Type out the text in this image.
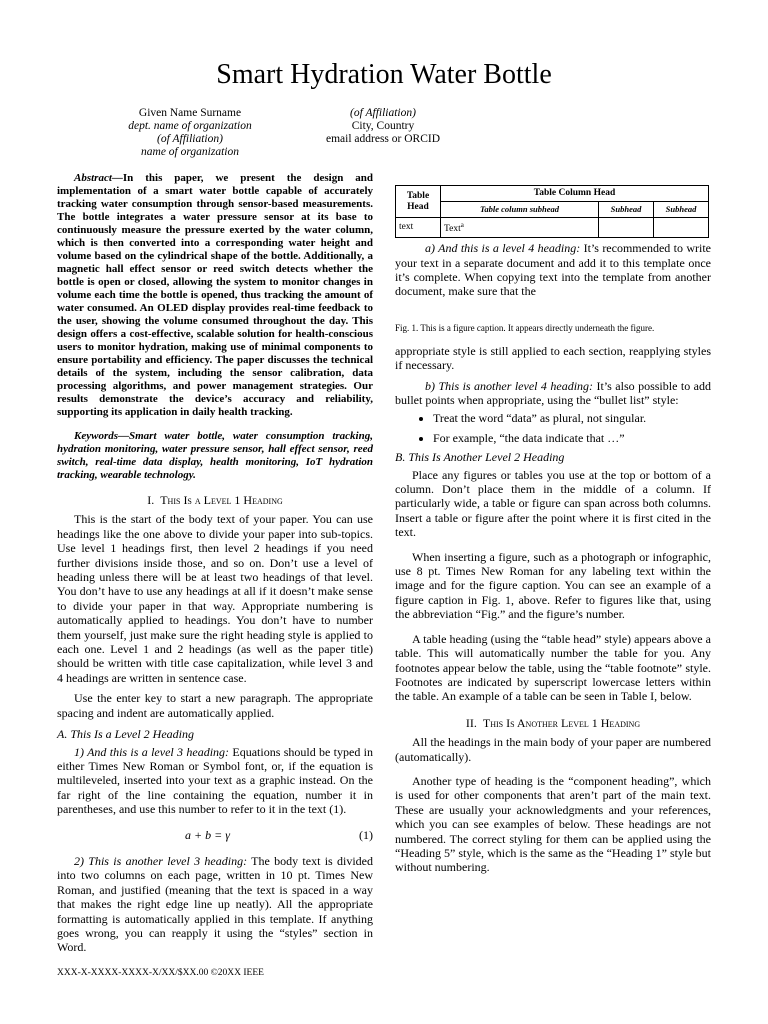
Smart Hydration Water Bottle
Given Name Surname
dept. name of organization
(of Affiliation)
name of organization
(of Affiliation)
City, Country
email address or ORCID

Abstract—In this paper, we present the design and implementation of a smart water bottle capable of accurately tracking water consumption through sensor-based measurements. The bottle integrates a water pressure sensor at its base to continuously measure the pressure exerted by the water column, which is then converted into a corresponding water height and volume based on the cylindrical shape of the bottle. Additionally, a magnetic hall effect sensor or reed switch detects whether the bottle is open or closed, allowing the system to monitor changes in volume each time the bottle is opened, thus tracking the amount of water consumed. An OLED display provides real-time feedback to the user, showing the volume consumed throughout the day. This design offers a cost-effective, scalable solution for health-conscious users to monitor hydration, making use of minimal components to ensure portability and efficiency. The paper discusses the technical details of the system, including the sensor calibration, data processing algorithms, and power management strategies. Our results demonstrate the device’s accuracy and reliability, supporting its application in daily health tracking.

Keywords—Smart water bottle, water consumption tracking, hydration monitoring, water pressure sensor, hall effect sensor, reed switch, real-time data display, health monitoring, IoT hydration tracking, wearable technology.

I. This Is a Level 1 Heading

This is the start of the body text of your paper. You can use headings like the one above to divide your paper into sub-topics. Use level 1 headings first, then level 2 headings if you need further divisions inside those, and so on. Don’t use a level of heading unless there will be at least two headings of that level. You don’t have to use any headings at all if it doesn’t make sense to divide your paper in that way. Appropriate numbering is automatically applied to headings. You don’t have to number them yourself, just make sure the right heading style is applied to each one. Level 1 and 2 headings (as well as the paper title) should be written with title case capitalization, while level 3 and 4 headings are written in sentence case.

Use the enter key to start a new paragraph. The appropriate spacing and indent are automatically applied.

A. This Is a Level 2 Heading

1) And this is a level 3 heading: Equations should be typed in either Times New Roman or Symbol font, or, if the equation is multileveled, inserted into your text as a graphic instead. On the far right of the line containing the equation, number it in parentheses, and use this number to refer to it in the text (1).

a + b = γ	(1)

2) This is another level 3 heading: The body text is divided into two columns on each page, written in 10 pt. Times New Roman, and justified (meaning that the text is spaced in a way that makes the right edge line up neatly). All the appropriate formatting is automatically applied in this template. If anything goes wrong, you can reapply it using the “styles” section in Word.

Table Head	Table Column Head		
	Table column subhead	Subhead	Subhead
text	Text$^a$		

a) And this is a level 4 heading: It’s recommended to write your text in a separate document and add it to this template once it’s complete. When copying text into the template from another document, make sure that the

Fig. 1. This is a figure caption. It appears directly underneath the figure.

appropriate style is still applied to each section, reapplying styles if necessary.

b) This is another level 4 heading: It’s also possible to add bullet points when appropriate, using the “bullet list” style:

• Treat the word “data” as plural, not singular.
• For example, “the data indicate that …”
B. This Is Another Level 2 Heading

Place any figures or tables you use at the top or bottom of a column. Don’t place them in the middle of a column. If particularly wide, a table or figure can span across both columns. Insert a table or figure after the point where it is first cited in the text.

When inserting a figure, such as a photograph or infographic, use 8 pt. Times New Roman for any labeling text within the image and for the figure caption. You can see an example of a figure caption in Fig. 1, above. Refer to figures like that, using the abbreviation “Fig.” and the figure’s number.

A table heading (using the “table head” style) appears above a table. This will automatically number the table for you. Any footnotes appear below the table, using the “table footnote” style. Footnotes are indicated by superscript lowercase letters within the table. An example of a table can be seen in Table I, below.

II. This Is Another Level 1 Heading

All the headings in the main body of your paper are numbered (automatically).

Another type of heading is the “component heading”, which is used for other components that aren’t part of the main text. These are usually your acknowledgments and your references, which you can see examples of below. These headings are not numbered. The correct styling for them can be applied using the “Heading 5” style, which is the same as the “Heading 1” style but without numbering.

XXX-X-XXXX-XXXX-X/XX/$XX.00 ©20XX IEEE
